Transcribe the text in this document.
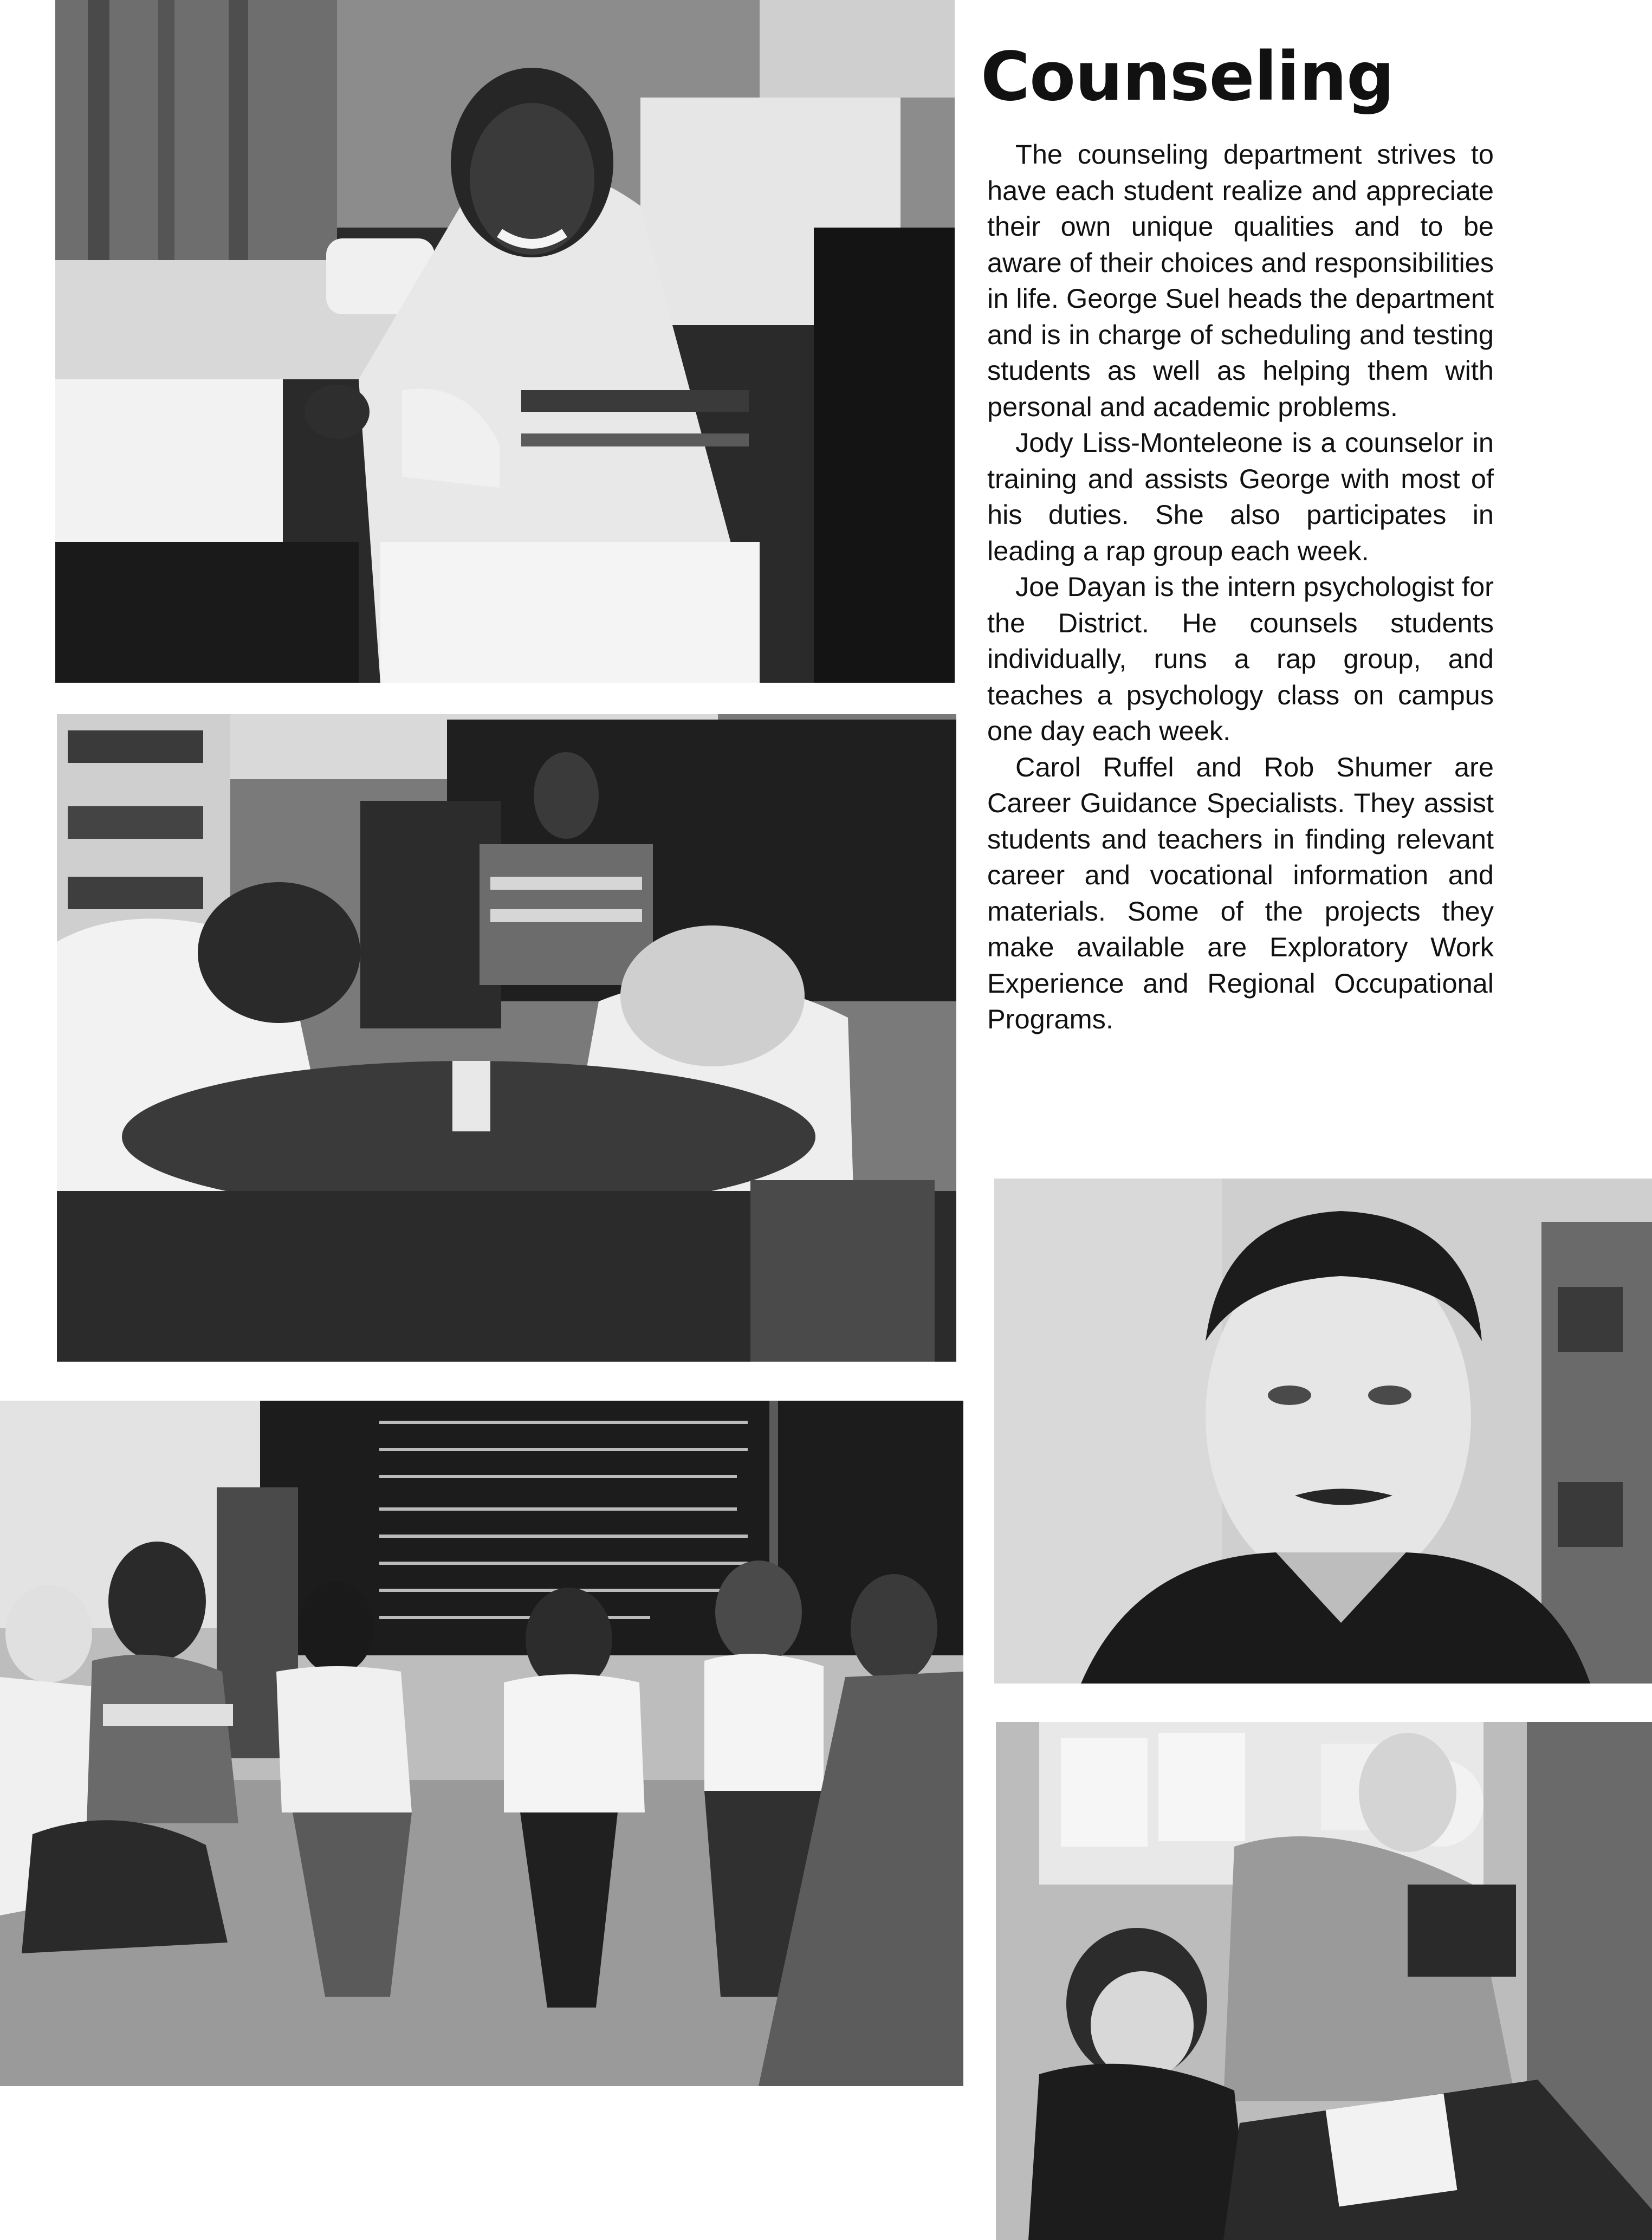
Counseling

The counseling department strives to have each student realize and appreciate their own unique qualities and to be aware of their choices and responsibilities in life. George Suel heads the department and is in charge of scheduling and testing students as well as helping them with personal and academic problems.

Jody Liss-Monteleone is a counselor in training and assists George with most of his duties. She also participates in leading a rap group each week.

Joe Dayan is the intern psychologist for the District. He counsels students individually, runs a rap group, and teaches a psychology class on campus one day each week.

Carol Ruffel and Rob Shumer are Career Guidance Specialists. They assist students and teachers in finding relevant career and vocational information and materials. Some of the projects they make available are Exploratory Work Experience and Regional Occupational Programs.
